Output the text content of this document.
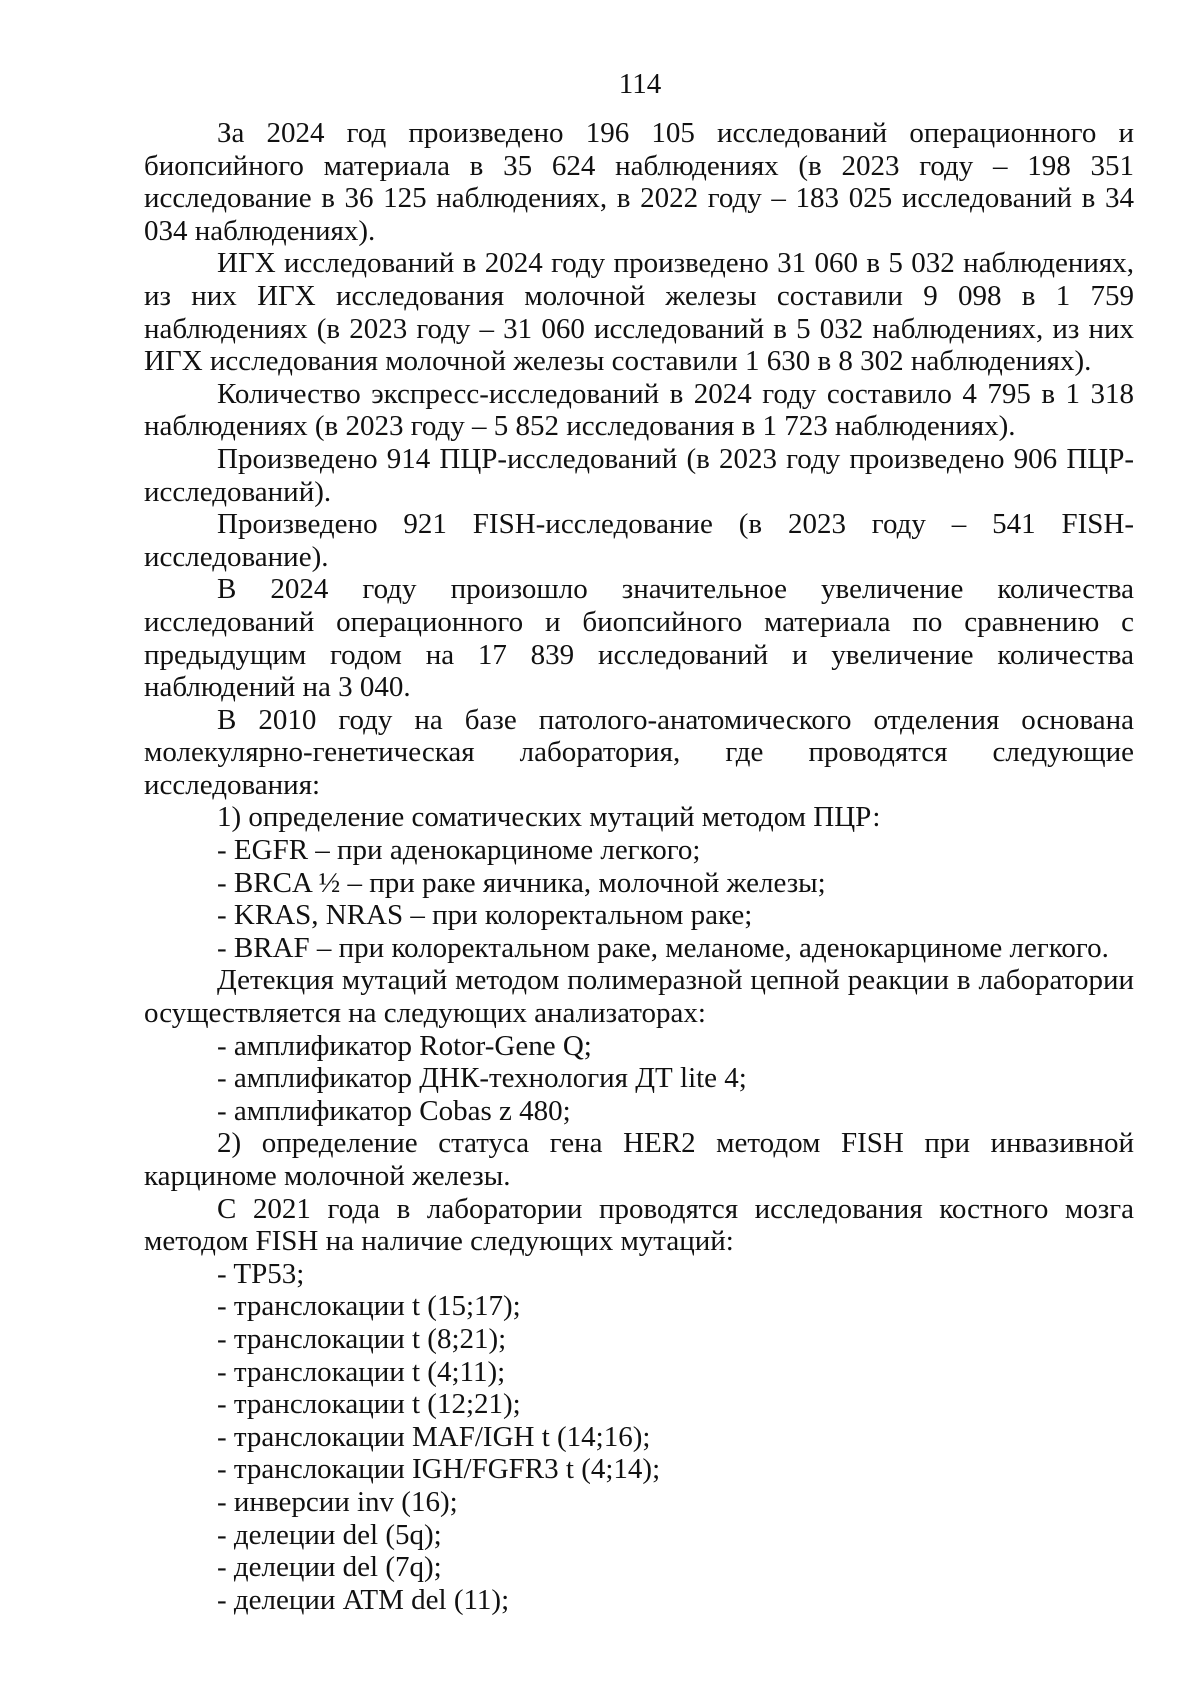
114

За 2024 год произведено 196 105 исследований операционного и биопсийного материала в 35 624 наблюдениях (в 2023 году – 198 351 исследование в 36 125 наблюдениях, в 2022 году – 183 025 исследований в 34 034 наблюдениях).

ИГХ исследований в 2024 году произведено 31 060 в 5 032 наблюдениях, из них ИГХ исследования молочной железы составили 9 098 в 1 759 наблюдениях (в 2023 году – 31 060 исследований в 5 032 наблюдениях, из них ИГХ исследования молочной железы составили 1 630 в 8 302 наблюдениях).

Количество экспресс-исследований в 2024 году составило 4 795 в 1 318 наблюдениях (в 2023 году – 5 852 исследования в 1 723 наблюдениях).

Произведено 914 ПЦР-исследований (в 2023 году произведено 906 ПЦР-исследований).

Произведено 921 FISH-исследование (в 2023 году – 541 FISH-исследование).

В 2024 году произошло значительное увеличение количества исследований операционного и биопсийного материала по сравнению с предыдущим годом на 17 839 исследований и увеличение количества наблюдений на 3 040.

В 2010 году на базе патолого-анатомического отделения основана молекулярно-генетическая лаборатория, где проводятся следующие исследования:

1) определение соматических мутаций методом ПЦР:

- EGFR – при аденокарциноме легкого;

- BRCA ½ – при раке яичника, молочной железы;

- KRAS, NRAS – при колоректальном раке;

- BRAF – при колоректальном раке, меланоме, аденокарциноме легкого.

Детекция мутаций методом полимеразной цепной реакции в лаборатории осуществляется на следующих анализаторах:

- амплификатор Rotor-Gene Q;

- амплификатор ДНК-технология ДТ lite 4;

- амплификатор Cobas z 480;

2) определение статуса гена HER2 методом FISH при инвазивной карциноме молочной железы.

С 2021 года в лаборатории проводятся исследования костного мозга методом FISH на наличие следующих мутаций:

- TP53;

- транслокации t (15;17);

- транслокации t (8;21);

- транслокации t (4;11);

- транслокации t (12;21);

- транслокации MAF/IGH t (14;16);

- транслокации IGH/FGFR3 t (4;14);

- инверсии inv (16);

- делеции del (5q);

- делеции del (7q);

- делеции ATM del (11);
